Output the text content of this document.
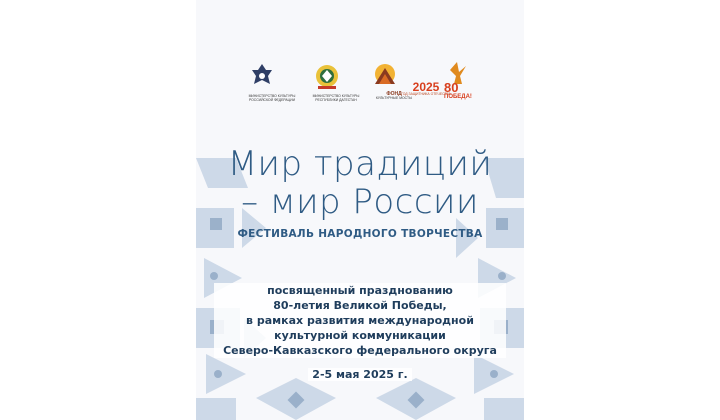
МИНИСТЕРСТВО КУЛЬТУРЫ РОССИЙСКОЙ ФЕДЕРАЦИИ
МИНИСТЕРСТВО КУЛЬТУРЫ РЕСПУБЛИКИ ДАГЕСТАН
ФОНД
КУЛЬТУРНЫЕ МОСТЫ
2025
ГОД ЗАЩИТНИКА ОТЕЧЕСТВА
80
ПОБЕДА!
Мир традиций
– мир России
ФЕСТИВАЛЬ НАРОДНОГО ТВОРЧЕСТВА
посвященный празднованию
80-летия Великой Победы,
в рамках развития международной
культурной коммуникации
Северо-Кавказского федерального округа
2-5 мая 2025 г.
